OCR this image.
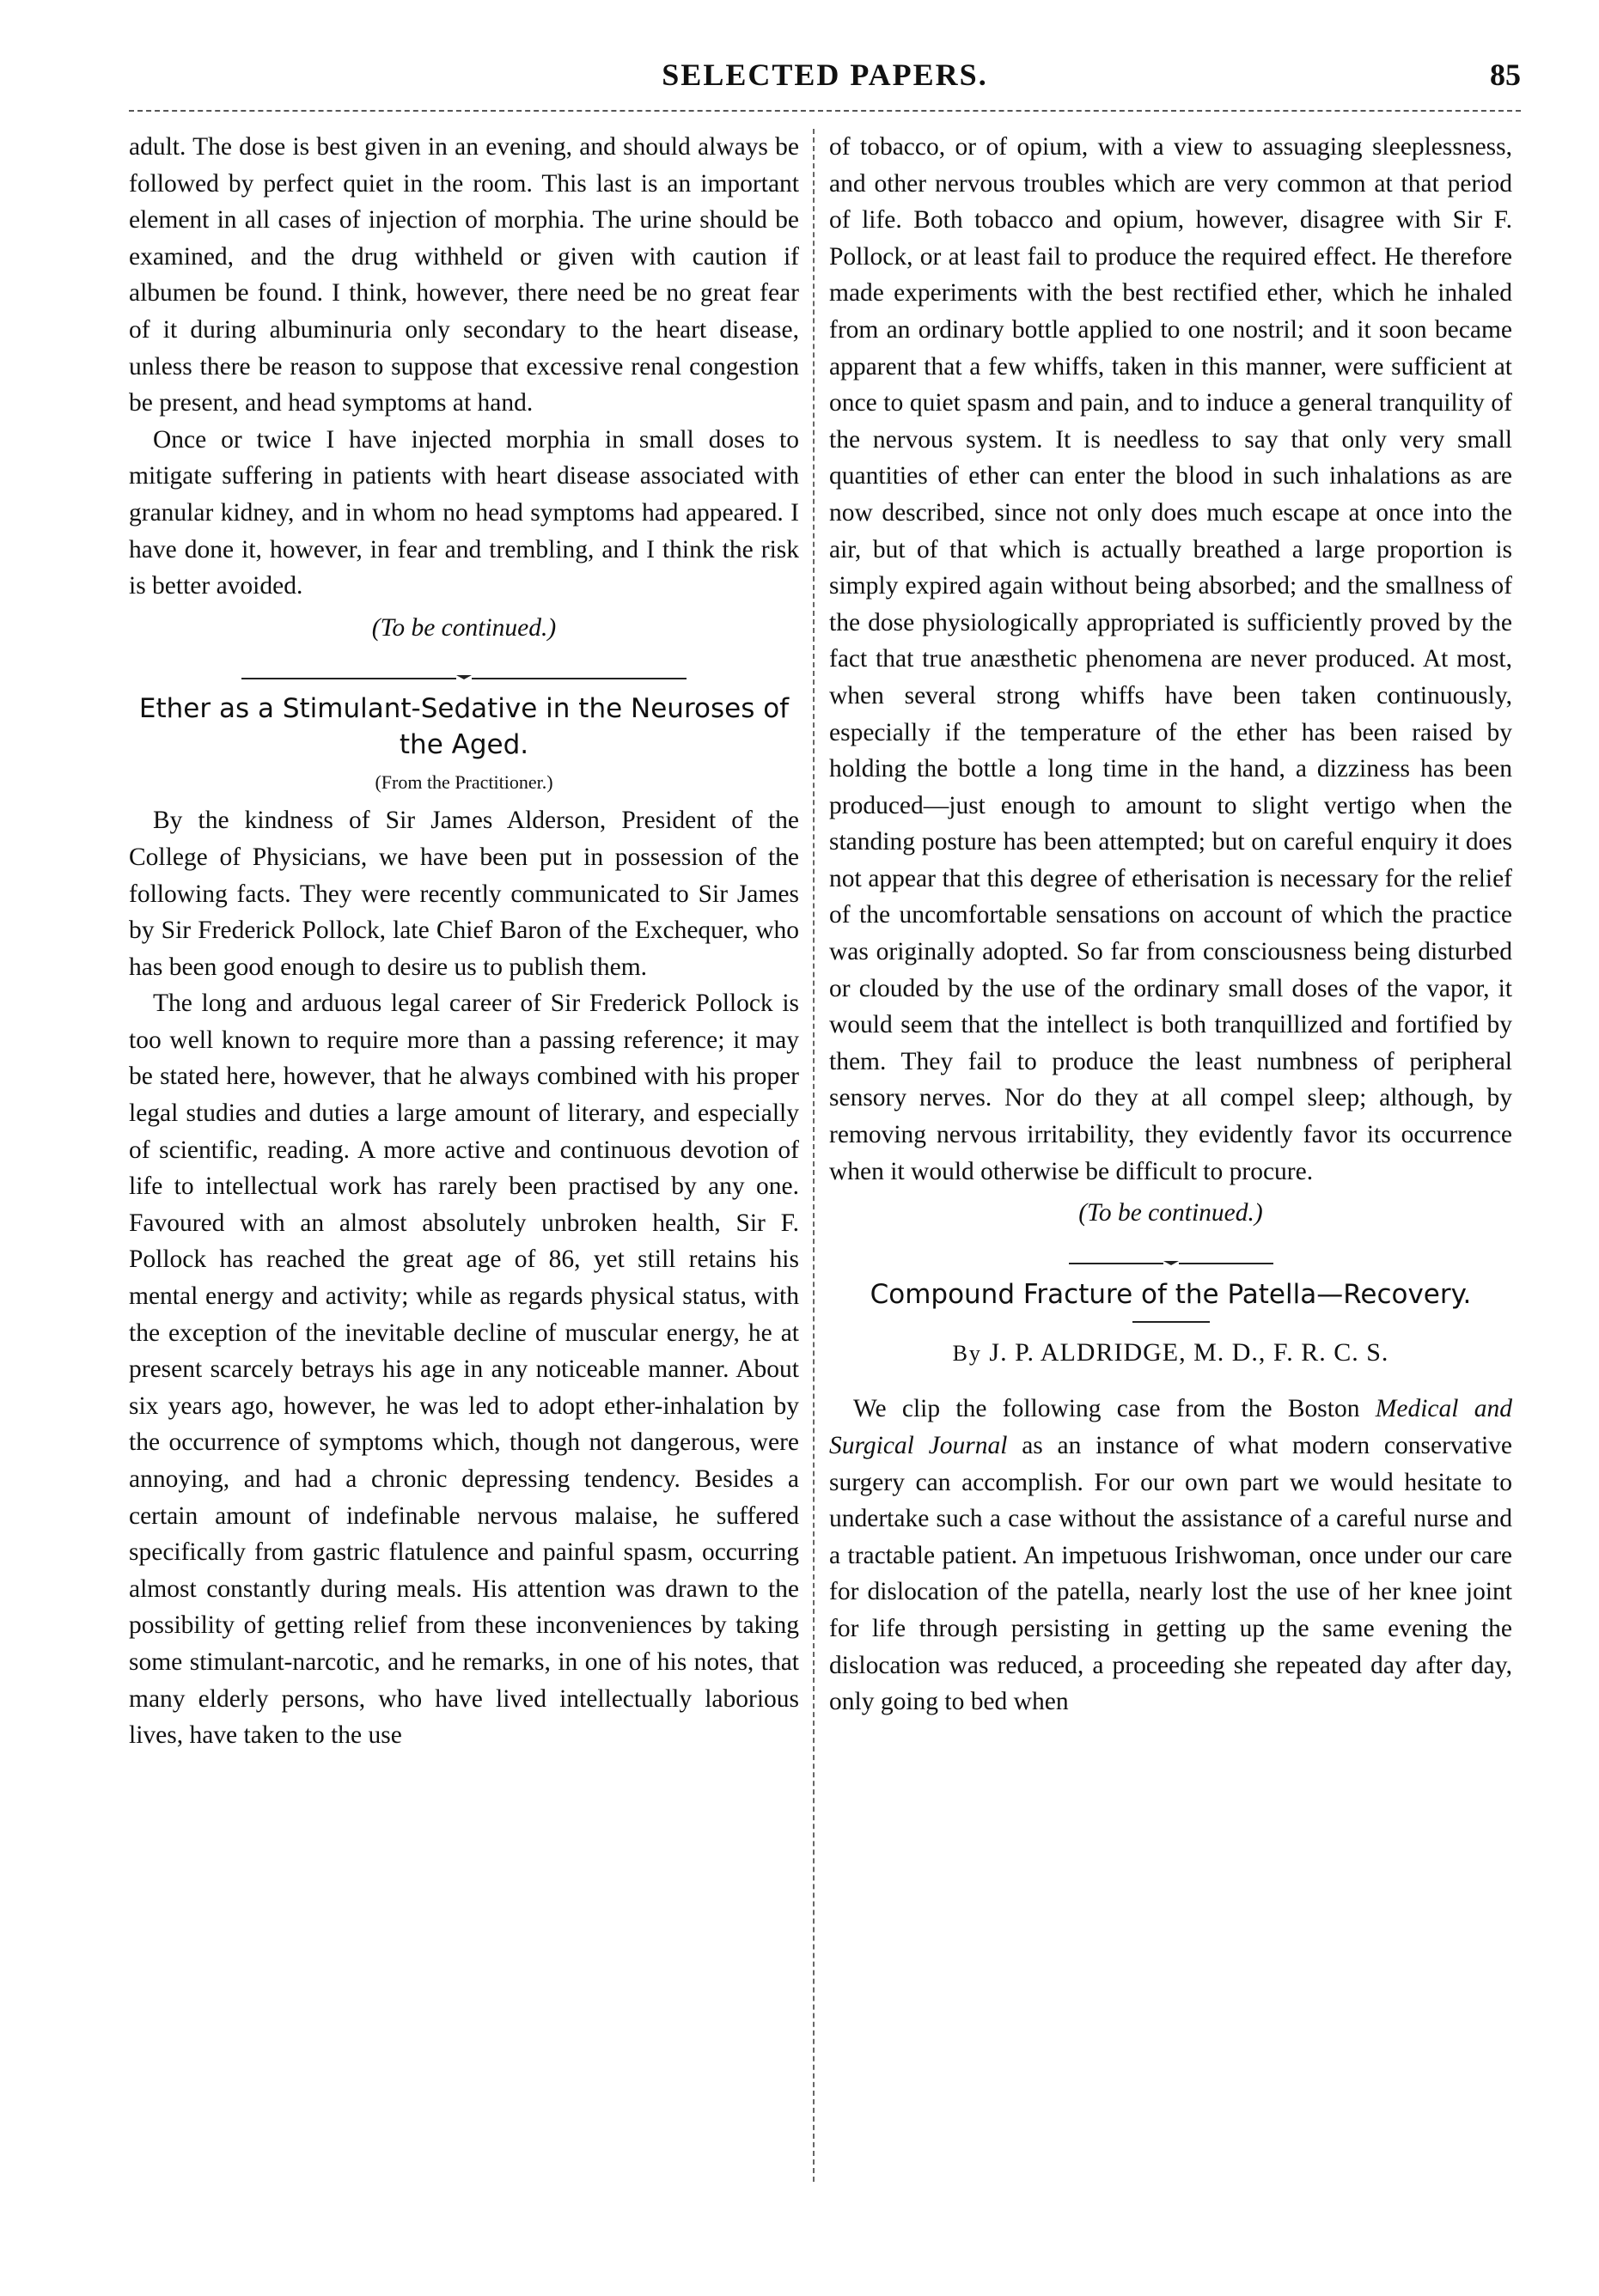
SELECTED PAPERS.	85

adult. The dose is best given in an evening, and should always be followed by perfect quiet in the room. This last is an important element in all cases of injection of morphia. The urine should be examined, and the drug withheld or given with caution if albumen be found. I think, however, there need be no great fear of it during albuminuria only secondary to the heart disease, unless there be reason to suppose that excessive renal congestion be present, and head symptoms at hand.

Once or twice I have injected morphia in small doses to mitigate suffering in patients with heart disease associated with granular kidney, and in whom no head symptoms had appeared. I have done it, however, in fear and trembling, and I think the risk is better avoided.

(To be continued.)
Ether as a Stimulant-Sedative in the Neuroses of the Aged.
(From the Practitioner.)

By the kindness of Sir James Alderson, President of the College of Physicians, we have been put in possession of the following facts. They were recently communicated to Sir James by Sir Frederick Pollock, late Chief Baron of the Exchequer, who has been good enough to desire us to publish them.

The long and arduous legal career of Sir Frederick Pollock is too well known to require more than a passing reference; it may be stated here, however, that he always combined with his proper legal studies and duties a large amount of literary, and especially of scientific, reading. A more active and continuous devotion of life to intellectual work has rarely been practised by any one. Favoured with an almost absolutely unbroken health, Sir F. Pollock has reached the great age of 86, yet still retains his mental energy and activity; while as regards physical status, with the exception of the inevitable decline of muscular energy, he at present scarcely betrays his age in any noticeable manner. About six years ago, however, he was led to adopt ether-inhalation by the occurrence of symptoms which, though not dangerous, were annoying, and had a chronic depressing tendency. Besides a certain amount of indefinable nervous malaise, he suffered specifically from gastric flatulence and painful spasm, occurring almost constantly during meals. His attention was drawn to the possibility of getting relief from these inconveniences by taking some stimulant-narcotic, and he remarks, in one of his notes, that many elderly persons, who have lived intellectually laborious lives, have taken to the use

of tobacco, or of opium, with a view to assuaging sleeplessness, and other nervous troubles which are very common at that period of life. Both tobacco and opium, however, disagree with Sir F. Pollock, or at least fail to produce the required effect. He therefore made experiments with the best rectified ether, which he inhaled from an ordinary bottle applied to one nostril; and it soon became apparent that a few whiffs, taken in this manner, were sufficient at once to quiet spasm and pain, and to induce a general tranquility of the nervous system. It is needless to say that only very small quantities of ether can enter the blood in such inhalations as are now described, since not only does much escape at once into the air, but of that which is actually breathed a large proportion is simply expired again without being absorbed; and the smallness of the dose physiologically appropriated is sufficiently proved by the fact that true anæsthetic phenomena are never produced. At most, when several strong whiffs have been taken continuously, especially if the temperature of the ether has been raised by holding the bottle a long time in the hand, a dizziness has been produced—just enough to amount to slight vertigo when the standing posture has been attempted; but on careful enquiry it does not appear that this degree of etherisation is necessary for the relief of the uncomfortable sensations on account of which the practice was originally adopted. So far from consciousness being disturbed or clouded by the use of the ordinary small doses of the vapor, it would seem that the intellect is both tranquillized and fortified by them. They fail to produce the least numbness of peripheral sensory nerves. Nor do they at all compel sleep; although, by removing nervous irritability, they evidently favor its occurrence when it would otherwise be difficult to procure.

(To be continued.)
Compound Fracture of the Patella—Recovery.
By J. P. ALDRIDGE, M. D., F. R. C. S.

We clip the following case from the Boston Medical and Surgical Journal as an instance of what modern conservative surgery can accomplish. For our own part we would hesitate to undertake such a case without the assistance of a careful nurse and a tractable patient. An impetuous Irishwoman, once under our care for dislocation of the patella, nearly lost the use of her knee joint for life through persisting in getting up the same evening the dislocation was reduced, a proceeding she repeated day after day, only going to bed when
